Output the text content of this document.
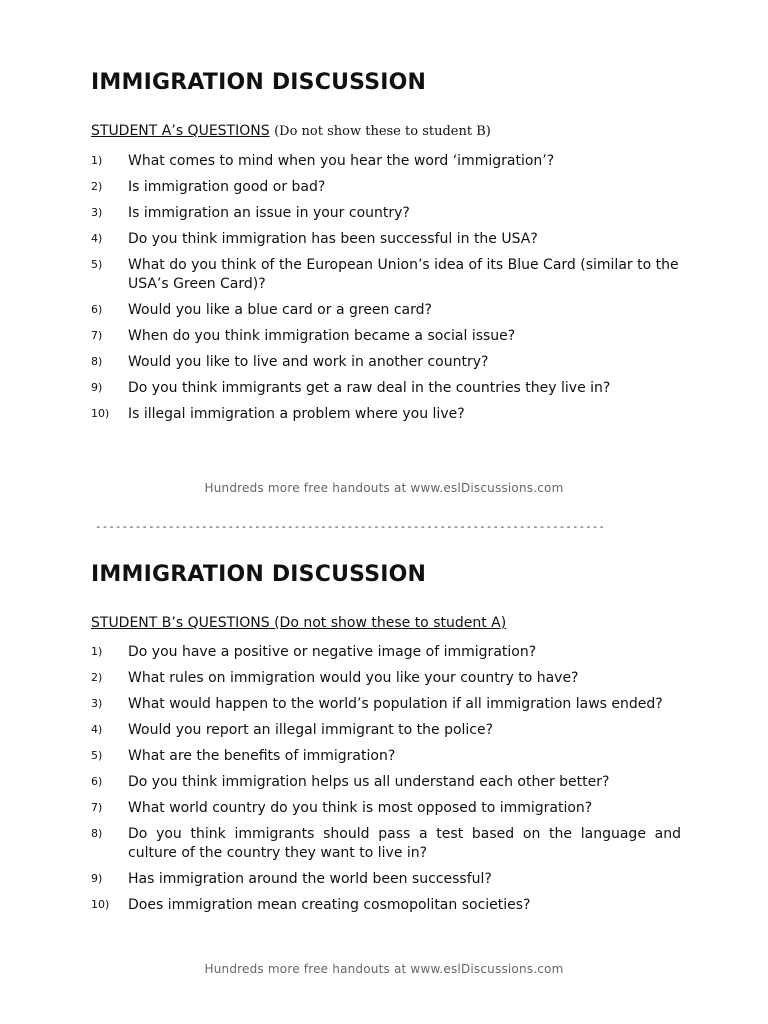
IMMIGRATION DISCUSSION
STUDENT A’s QUESTIONS (Do not show these to student B)
1)	What comes to mind when you hear the word ‘immigration’?
2)	Is immigration good or bad?
3)	Is immigration an issue in your country?
4)	Do you think immigration has been successful in the USA?
5)	What do you think of the European Union’s idea of its Blue Card (similar to the USA’s Green Card)?
6)	Would you like a blue card or a green card?
7)	When do you think immigration became a social issue?
8)	Would you like to live and work in another country?
9)	Do you think immigrants get a raw deal in the countries they live in?
10)	Is illegal immigration a problem where you live?
Hundreds more free handouts at www.eslDiscussions.com
-----------------------------------------------------------------------------
IMMIGRATION DISCUSSION
STUDENT B’s QUESTIONS (Do not show these to student A)
1)	Do you have a positive or negative image of immigration?
2)	What rules on immigration would you like your country to have?
3)	What would happen to the world’s population if all immigration laws ended?
4)	Would you report an illegal immigrant to the police?
5)	What are the benefits of immigration?
6)	Do you think immigration helps us all understand each other better?
7)	What world country do you think is most opposed to immigration?
8)	Do you think immigrants should pass a test based on the language and culture of the country they want to live in?
9)	Has immigration around the world been successful?
10)	Does immigration mean creating cosmopolitan societies?
Hundreds more free handouts at www.eslDiscussions.com
